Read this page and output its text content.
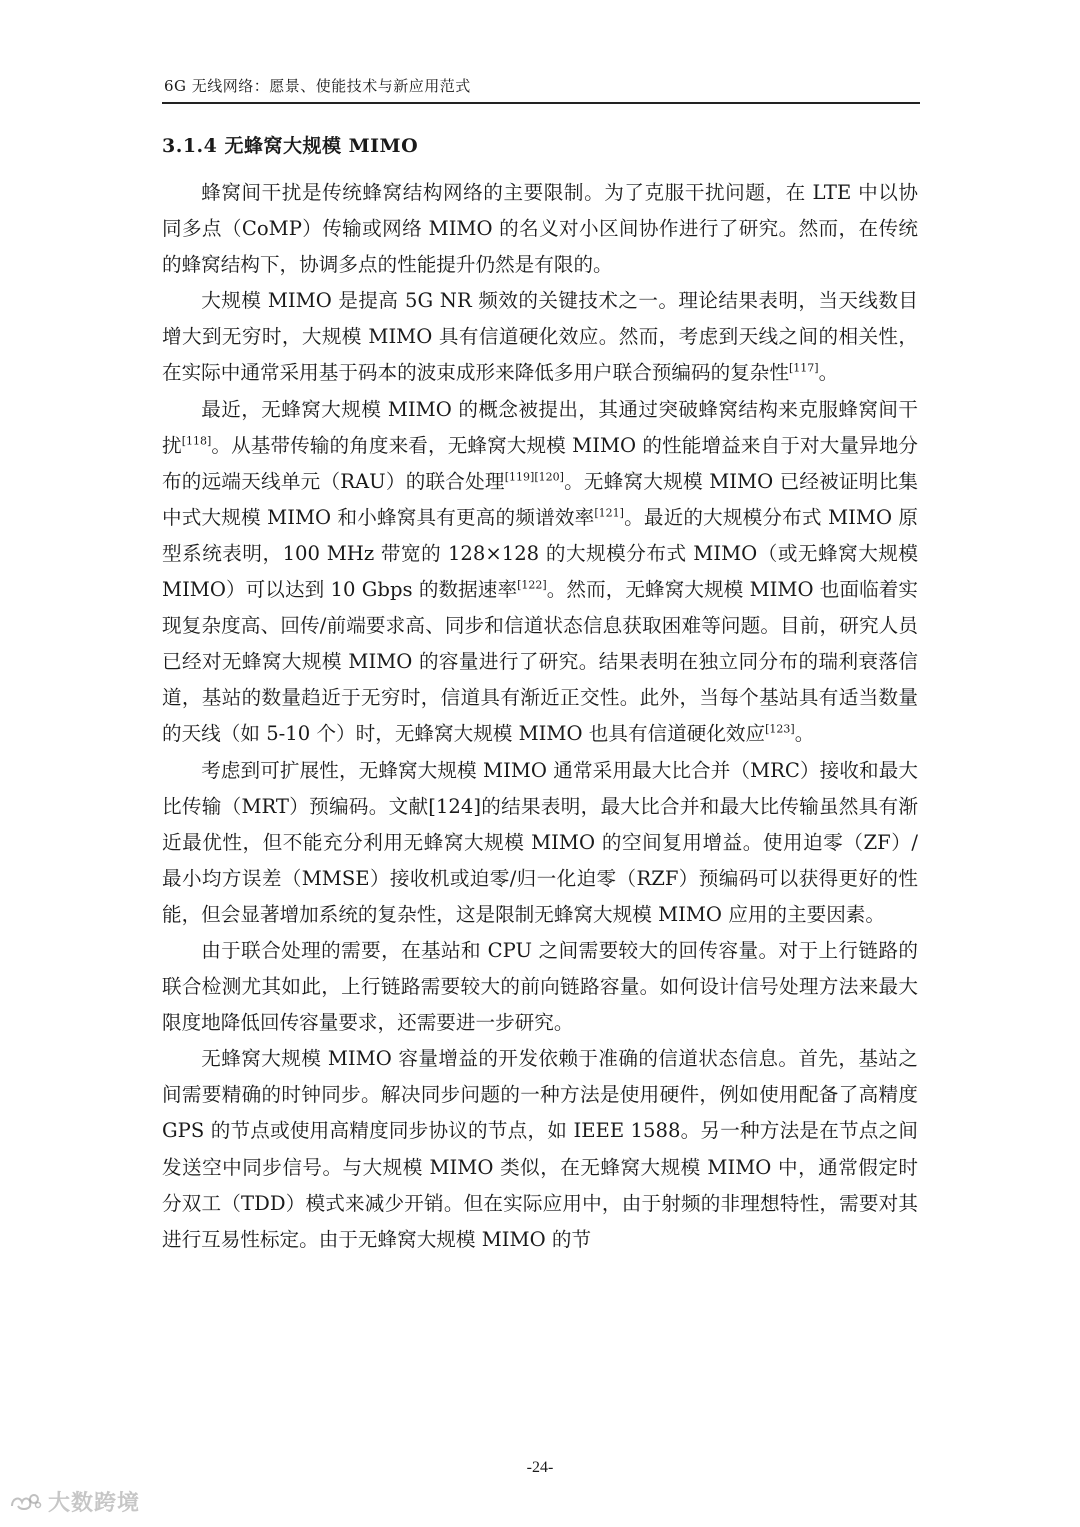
6G 无线网络：愿景、使能技术与新应用范式
3.1.4 无蜂窝大规模 MIMO

蜂窝间干扰是传统蜂窝结构网络的主要限制。为了克服干扰问题，在 LTE 中以协同多点（CoMP）传输或网络 MIMO 的名义对小区间协作进行了研究。然而，在传统的蜂窝结构下，协调多点的性能提升仍然是有限的。

大规模 MIMO 是提高 5G NR 频效的关键技术之一。理论结果表明，当天线数目增大到无穷时，大规模 MIMO 具有信道硬化效应。然而，考虑到天线之间的相关性，在实际中通常采用基于码本的波束成形来降低多用户联合预编码的复杂性[117]。

最近，无蜂窝大规模 MIMO 的概念被提出，其通过突破蜂窝结构来克服蜂窝间干扰[118]。从基带传输的角度来看，无蜂窝大规模 MIMO 的性能增益来自于对大量异地分布的远端天线单元（RAU）的联合处理[119][120]。无蜂窝大规模 MIMO 已经被证明比集中式大规模 MIMO 和小蜂窝具有更高的频谱效率[121]。最近的大规模分布式 MIMO 原型系统表明，100 MHz 带宽的 128×128 的大规模分布式 MIMO（或无蜂窝大规模 MIMO）可以达到 10 Gbps 的数据速率[122]。然而，无蜂窝大规模 MIMO 也面临着实现复杂度高、回传/前端要求高、同步和信道状态信息获取困难等问题。目前，研究人员已经对无蜂窝大规模 MIMO 的容量进行了研究。结果表明在独立同分布的瑞利衰落信道，基站的数量趋近于无穷时，信道具有渐近正交性。此外，当每个基站具有适当数量的天线（如 5-10 个）时，无蜂窝大规模 MIMO 也具有信道硬化效应[123]。

考虑到可扩展性，无蜂窝大规模 MIMO 通常采用最大比合并（MRC）接收和最大比传输（MRT）预编码。文献[124]的结果表明，最大比合并和最大比传输虽然具有渐近最优性，但不能充分利用无蜂窝大规模 MIMO 的空间复用增益。使用迫零（ZF）/最小均方误差（MMSE）接收机或迫零/归一化迫零（RZF）预编码可以获得更好的性能，但会显著增加系统的复杂性，这是限制无蜂窝大规模 MIMO 应用的主要因素。

由于联合处理的需要，在基站和 CPU 之间需要较大的回传容量。对于上行链路的联合检测尤其如此，上行链路需要较大的前向链路容量。如何设计信号处理方法来最大限度地降低回传容量要求，还需要进一步研究。

无蜂窝大规模 MIMO 容量增益的开发依赖于准确的信道状态信息。首先，基站之间需要精确的时钟同步。解决同步问题的一种方法是使用硬件，例如使用配备了高精度 GPS 的节点或使用高精度同步协议的节点，如 IEEE 1588。另一种方法是在节点之间发送空中同步信号。与大规模 MIMO 类似，在无蜂窝大规模 MIMO 中，通常假定时分双工（TDD）模式来减少开销。但在实际应用中，由于射频的非理想特性，需要对其进行互易性标定。由于无蜂窝大规模 MIMO 的节

-24-
大数跨境
